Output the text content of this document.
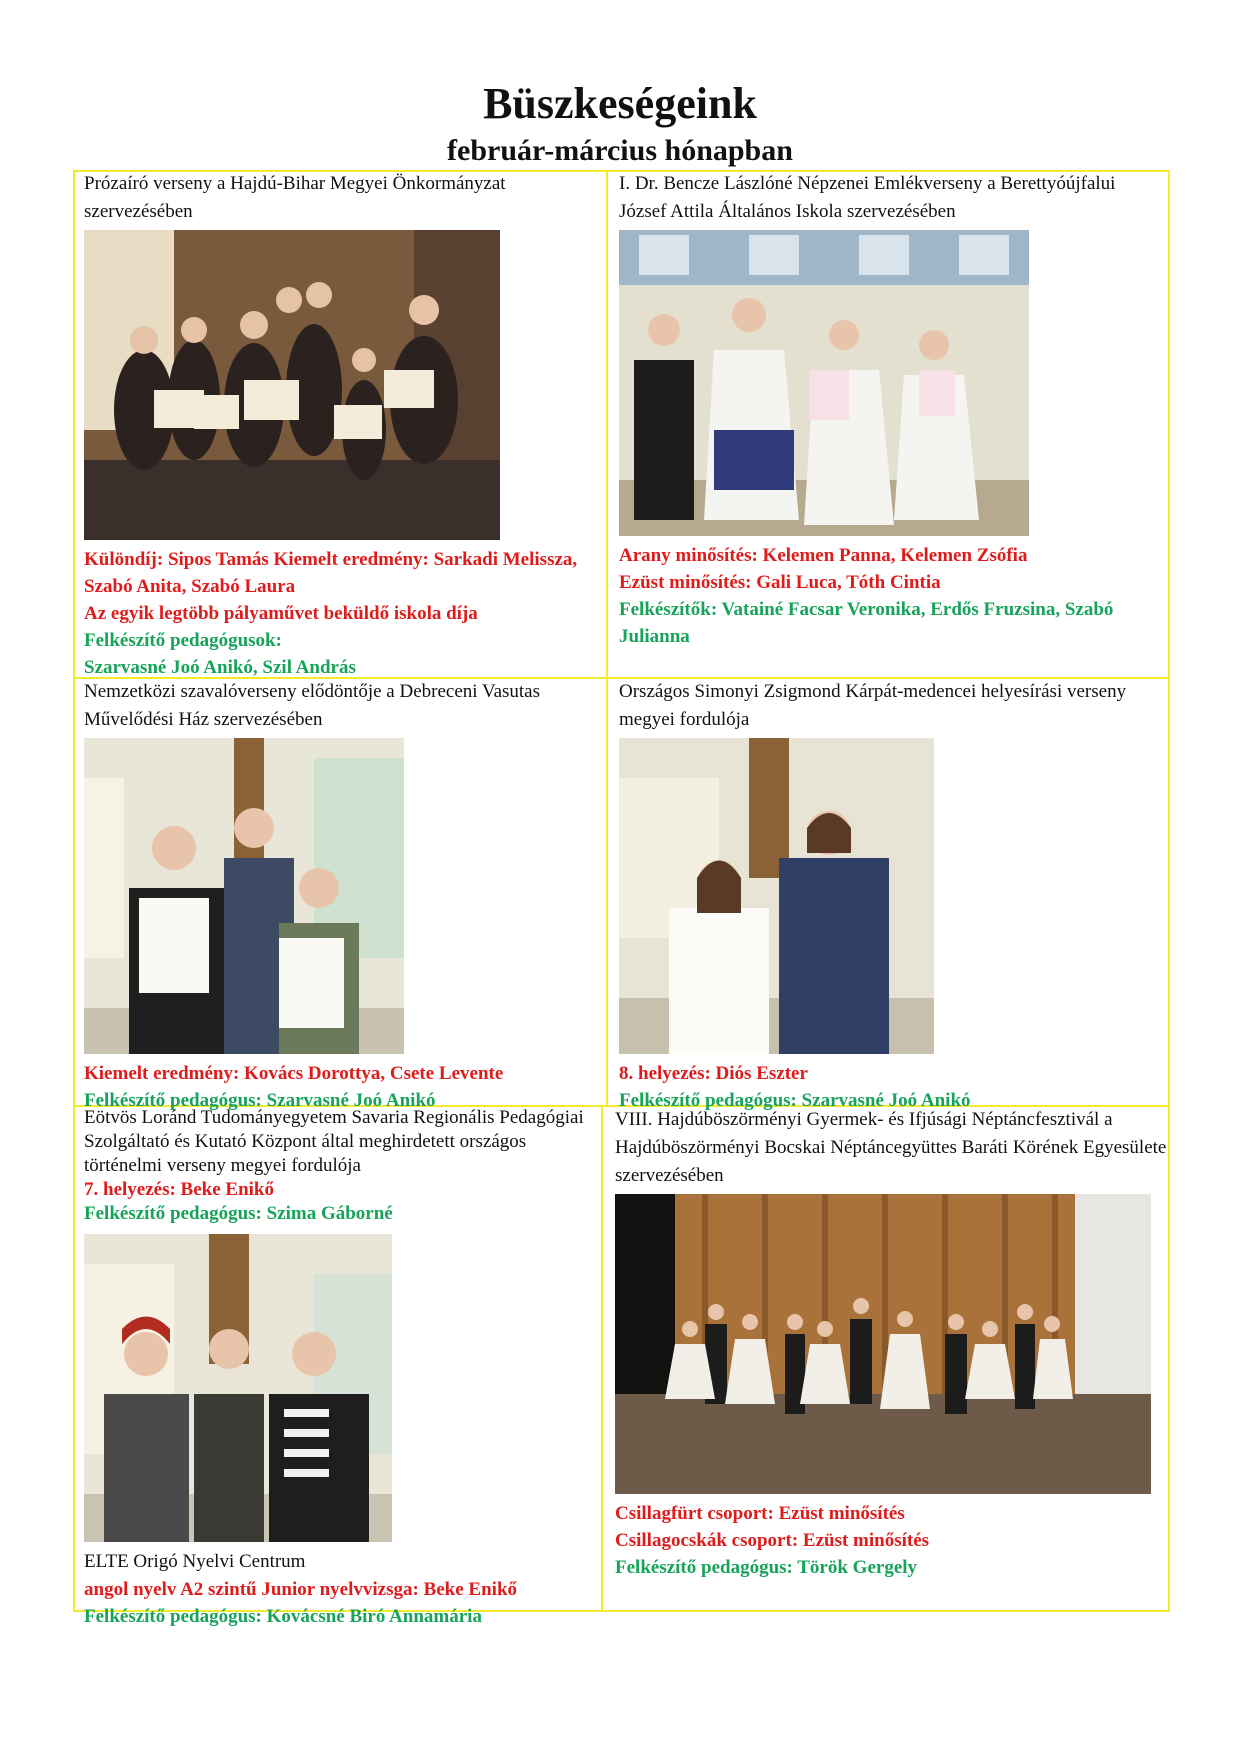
Büszkeségeink
február-március hónapban

Prózaíró verseny a Hajdú-Bihar Megyei Önkormányzat szervezésében

Különdíj: Sipos Tamás Kiemelt eredmény: Sarkadi Melissza, Szabó Anita, Szabó Laura

Az egyik legtöbb pályaművet beküldő iskola díja

Felkészítő pedagógusok:

Szarvasné Joó Anikó, Szil András

I. Dr. Bencze Lászlóné Népzenei Emlékverseny a Berettyóújfalui József Attila Általános Iskola szervezésében

Arany minősítés: Kelemen Panna, Kelemen Zsófia

Ezüst minősítés: Gali Luca, Tóth Cintia

Felkészítők: Vatainé Facsar Veronika, Erdős Fruzsina, Szabó Julianna

Nemzetközi szavalóverseny elődöntője a Debreceni Vasutas Művelődési Ház szervezésében

Kiemelt eredmény: Kovács Dorottya, Csete Levente

Felkészítő pedagógus: Szarvasné Joó Anikó

Országos Simonyi Zsigmond Kárpát-medencei helyesírási verseny megyei fordulója

8. helyezés: Diós Eszter

Felkészítő pedagógus: Szarvasné Joó Anikó

Eötvös Loránd Tudományegyetem Savaria Regionális Pedagógiai Szolgáltató és Kutató Központ által meghirdetett országos történelmi verseny megyei fordulója

7. helyezés: Beke Enikő

Felkészítő pedagógus: Szima Gáborné

ELTE Origó Nyelvi Centrum

angol nyelv A2 szintű Junior nyelvvizsga: Beke Enikő

Felkészítő pedagógus: Kovácsné Biró Annamária

VIII. Hajdúböszörményi Gyermek- és Ifjúsági Néptáncfesztivál a Hajdúböszörményi Bocskai Néptáncegyüttes Baráti Körének Egyesülete szervezésében

Csillagfürt csoport: Ezüst minősítés

Csillagocskák csoport: Ezüst minősítés

Felkészítő pedagógus: Török Gergely
